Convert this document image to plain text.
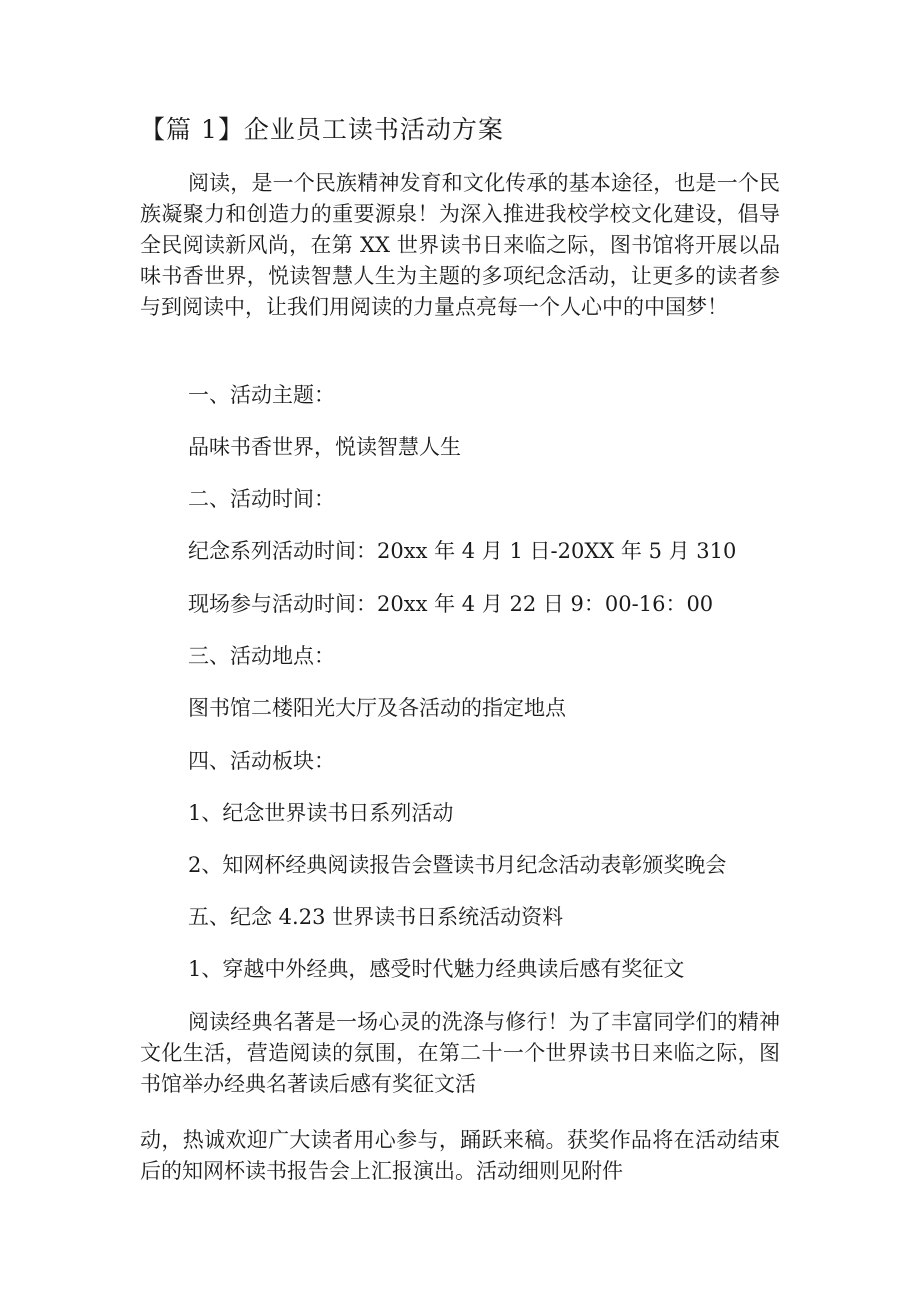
【篇 1】企业员工读书活动方案

阅读，是一个民族精神发育和文化传承的基本途径，也是一个民族凝聚力和创造力的重要源泉！为深入推进我校学校文化建设，倡导全民阅读新风尚，在第 XX 世界读书日来临之际，图书馆将开展以品味书香世界，悦读智慧人生为主题的多项纪念活动，让更多的读者参与到阅读中，让我们用阅读的力量点亮每一个人心中的中国梦！

一、活动主题：

品味书香世界，悦读智慧人生

二、活动时间：

纪念系列活动时间：20xx 年 4 月 1 日-20XX 年 5 月 310

现场参与活动时间：20xx 年 4 月 22 日 9：00-16：00

三、活动地点：

图书馆二楼阳光大厅及各活动的指定地点

四、活动板块：

1、纪念世界读书日系列活动

2、知网杯经典阅读报告会暨读书月纪念活动表彰颁奖晚会

五、纪念 4.23 世界读书日系统活动资料

1、穿越中外经典，感受时代魅力经典读后感有奖征文

阅读经典名著是一场心灵的洗涤与修行！为了丰富同学们的精神文化生活，营造阅读的氛围，在第二十一个世界读书日来临之际，图书馆举办经典名著读后感有奖征文活

动，热诚欢迎广大读者用心参与，踊跃来稿。获奖作品将在活动结束后的知网杯读书报告会上汇报演出。活动细则见附件
